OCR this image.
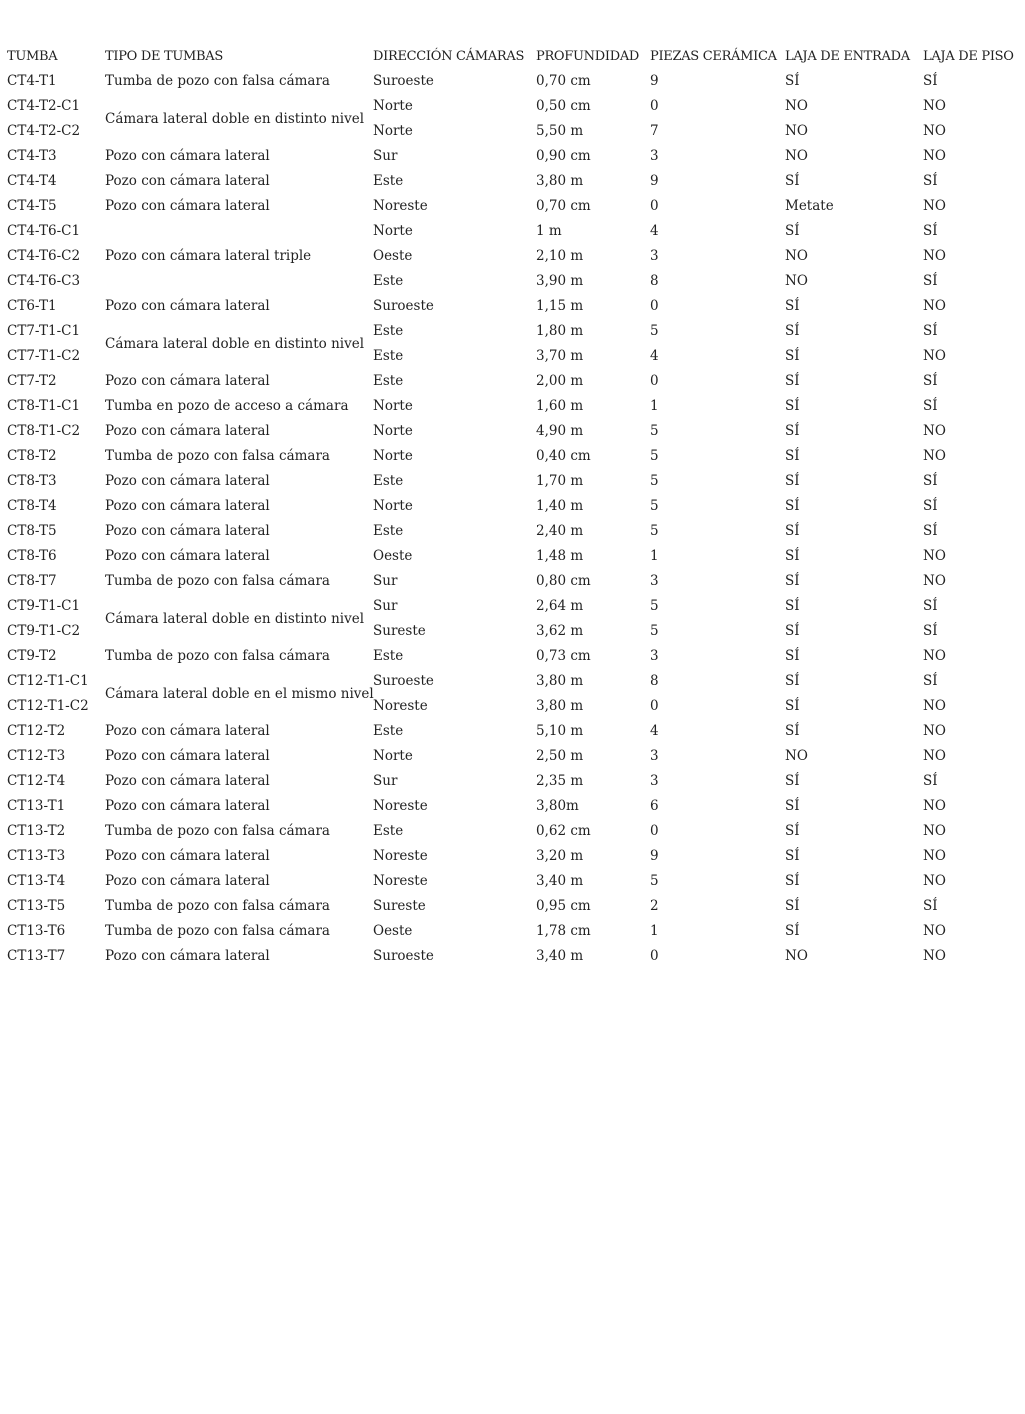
TUMBA	TIPO DE TUMBAS	DIRECCIÓN CÁMARAS	PROFUNDIDAD	PIEZAS CERÁMICA	LAJA DE ENTRADA	LAJA DE PISO
CT4-T1	Tumba de pozo con falsa cámara	Suroeste	0,70 cm	9	SÍ	SÍ
CT4-T2-C1	Cámara lateral doble en distinto nivel	Norte	0,50 cm	0	NO	NO
CT4-T2-C2		Norte	5,50 m	7	NO	NO
CT4-T3	Pozo con cámara lateral	Sur	0,90 cm	3	NO	NO
CT4-T4	Pozo con cámara lateral	Este	3,80 m	9	SÍ	SÍ
CT4-T5	Pozo con cámara lateral	Noreste	0,70 cm	0	Metate	NO
CT4-T6-C1	Pozo con cámara lateral triple	Norte	1 m	4	SÍ	SÍ
CT4-T6-C2		Oeste	2,10 m	3	NO	NO
CT4-T6-C3		Este	3,90 m	8	NO	SÍ
CT6-T1	Pozo con cámara lateral	Suroeste	1,15 m	0	SÍ	NO
CT7-T1-C1	Cámara lateral doble en distinto nivel	Este	1,80 m	5	SÍ	SÍ
CT7-T1-C2		Este	3,70 m	4	SÍ	NO
CT7-T2	Pozo con cámara lateral	Este	2,00 m	0	SÍ	SÍ
CT8-T1-C1	Tumba en pozo de acceso a cámara	Norte	1,60 m	1	SÍ	SÍ
CT8-T1-C2	Pozo con cámara lateral	Norte	4,90 m	5	SÍ	NO
CT8-T2	Tumba de pozo con falsa cámara	Norte	0,40 cm	5	SÍ	NO
CT8-T3	Pozo con cámara lateral	Este	1,70 m	5	SÍ	SÍ
CT8-T4	Pozo con cámara lateral	Norte	1,40 m	5	SÍ	SÍ
CT8-T5	Pozo con cámara lateral	Este	2,40 m	5	SÍ	SÍ
CT8-T6	Pozo con cámara lateral	Oeste	1,48 m	1	SÍ	NO
CT8-T7	Tumba de pozo con falsa cámara	Sur	0,80 cm	3	SÍ	NO
CT9-T1-C1	Cámara lateral doble en distinto nivel	Sur	2,64 m	5	SÍ	SÍ
CT9-T1-C2		Sureste	3,62 m	5	SÍ	SÍ
CT9-T2	Tumba de pozo con falsa cámara	Este	0,73 cm	3	SÍ	NO
CT12-T1-C1	Cámara lateral doble en el mismo nivel	Suroeste	3,80 m	8	SÍ	SÍ
CT12-T1-C2		Noreste	3,80 m	0	SÍ	NO
CT12-T2	Pozo con cámara lateral	Este	5,10 m	4	SÍ	NO
CT12-T3	Pozo con cámara lateral	Norte	2,50 m	3	NO	NO
CT12-T4	Pozo con cámara lateral	Sur	2,35 m	3	SÍ	SÍ
CT13-T1	Pozo con cámara lateral	Noreste	3,80m	6	SÍ	NO
CT13-T2	Tumba de pozo con falsa cámara	Este	0,62 cm	0	SÍ	NO
CT13-T3	Pozo con cámara lateral	Noreste	3,20 m	9	SÍ	NO
CT13-T4	Pozo con cámara lateral	Noreste	3,40 m	5	SÍ	NO
CT13-T5	Tumba de pozo con falsa cámara	Sureste	0,95 cm	2	SÍ	SÍ
CT13-T6	Tumba de pozo con falsa cámara	Oeste	1,78 cm	1	SÍ	NO
CT13-T7	Pozo con cámara lateral	Suroeste	3,40 m	0	NO	NO
